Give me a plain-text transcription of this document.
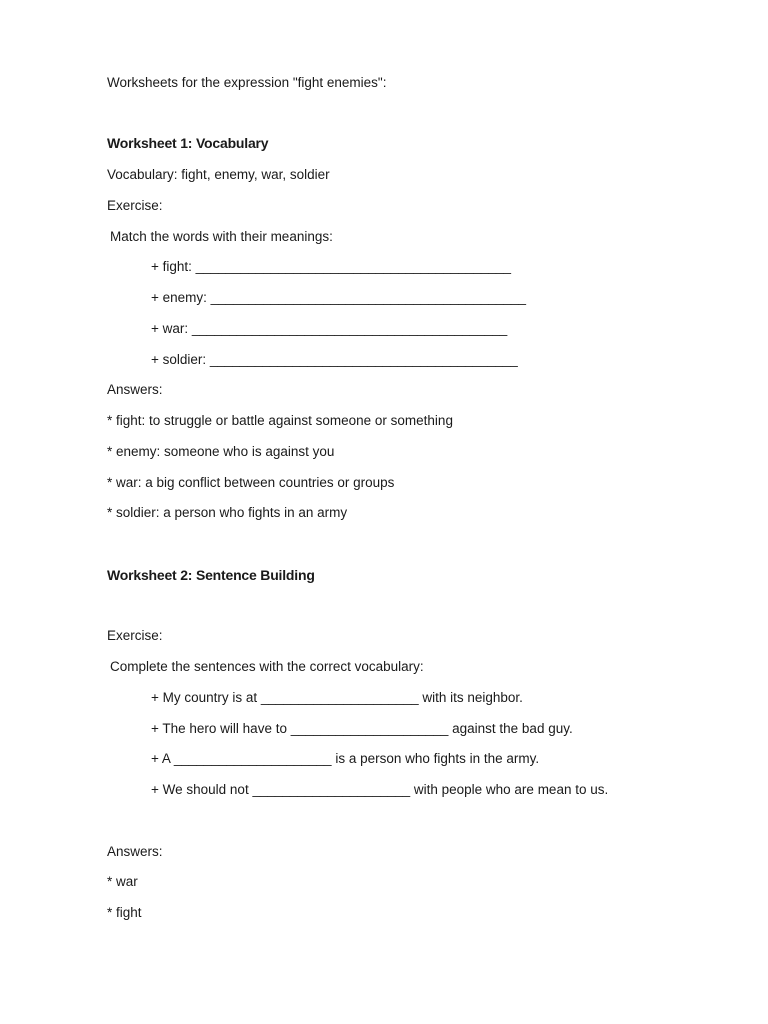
Worksheets for the expression "fight enemies":

Worksheet 1: Vocabulary

Vocabulary: fight, enemy, war, soldier

Exercise:

Match the words with their meanings:

+ fight: __________________________________________

+ enemy: __________________________________________

+ war: __________________________________________

+ soldier: _________________________________________

Answers:

* fight: to struggle or battle against someone or something

* enemy: someone who is against you

* war: a big conflict between countries or groups

* soldier: a person who fights in an army

Worksheet 2: Sentence Building

Exercise:

Complete the sentences with the correct vocabulary:

+ My country is at _____________________ with its neighbor.

+ The hero will have to _____________________ against the bad guy.

+ A _____________________ is a person who fights in the army.

+ We should not _____________________ with people who are mean to us.

Answers:

* war

* fight
